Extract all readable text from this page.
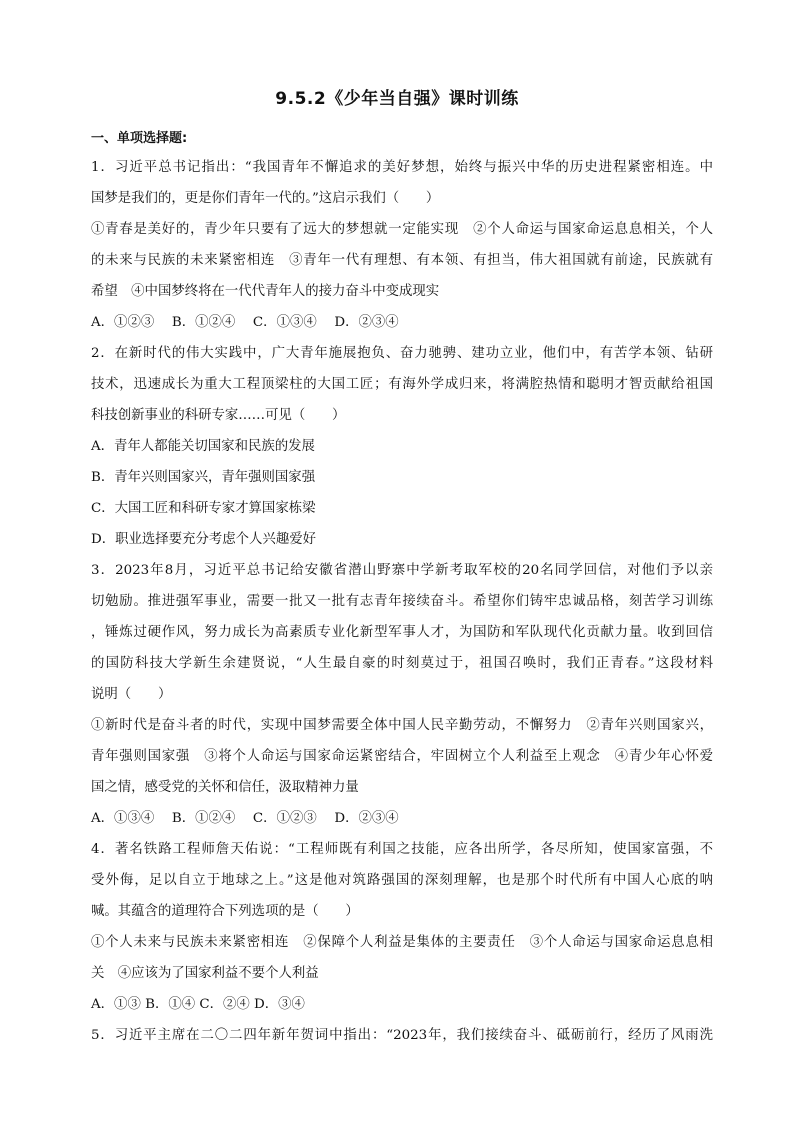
9.5.2《少年当自强》课时训练
一、单项选择题:
1．习近平总书记指出：“我国青年不懈追求的美好梦想，始终与振兴中华的历史进程紧密相连。中
国梦是我们的，更是你们青年一代的。”这启示我们（　　）
①青春是美好的，青少年只要有了远大的梦想就一定能实现　②个人命运与国家命运息息相关，个人
的未来与民族的未来紧密相连　③青年一代有理想、有本领、有担当，伟大祖国就有前途，民族就有
希望　④中国梦终将在一代代青年人的接力奋斗中变成现实
A．①②③　 B．①②④　 C．①③④　 D．②③④
2．在新时代的伟大实践中，广大青年施展抱负、奋力驰骋、建功立业，他们中，有苦学本领、钻研
技术，迅速成长为重大工程顶梁柱的大国工匠；有海外学成归来，将满腔热情和聪明才智贡献给祖国
科技创新事业的科研专家……可见（　　）
A．青年人都能关切国家和民族的发展
B．青年兴则国家兴，青年强则国家强
C．大国工匠和科研专家才算国家栋梁
D．职业选择要充分考虑个人兴趣爱好
3．2023年8月，习近平总书记给安徽省潜山野寨中学新考取军校的20名同学回信，对他们予以亲
切勉励。推进强军事业，需要一批又一批有志青年接续奋斗。希望你们铸牢忠诚品格，刻苦学习训练
，锤炼过硬作风，努力成长为高素质专业化新型军事人才，为国防和军队现代化贡献力量。收到回信
的国防科技大学新生余建贤说，“人生最自豪的时刻莫过于，祖国召唤时，我们正青春。”这段材料
说明（　　）
①新时代是奋斗者的时代，实现中国梦需要全体中国人民辛勤劳动，不懈努力　②青年兴则国家兴，
青年强则国家强　③将个人命运与国家命运紧密结合，牢固树立个人利益至上观念　④青少年心怀爱
国之情，感受党的关怀和信任，汲取精神力量
A．①③④　 B．①②④　 C．①②③　 D．②③④
4．著名铁路工程师詹天佑说：“工程师既有利国之技能，应各出所学，各尽所知，使国家富强，不
受外侮，足以自立于地球之上。”这是他对筑路强国的深刻理解，也是那个时代所有中国人心底的呐
喊。其蕴含的道理符合下列选项的是（　　）
①个人未来与民族未来紧密相连　②保障个人利益是集体的主要责任　③个人命运与国家命运息息相
关　④应该为了国家利益不要个人利益
A．①③ B．①④ C．②④ D．③④
5．习近平主席在二〇二四年新年贺词中指出：“2023年，我们接续奋斗、砥砺前行，经历了风雨洗
